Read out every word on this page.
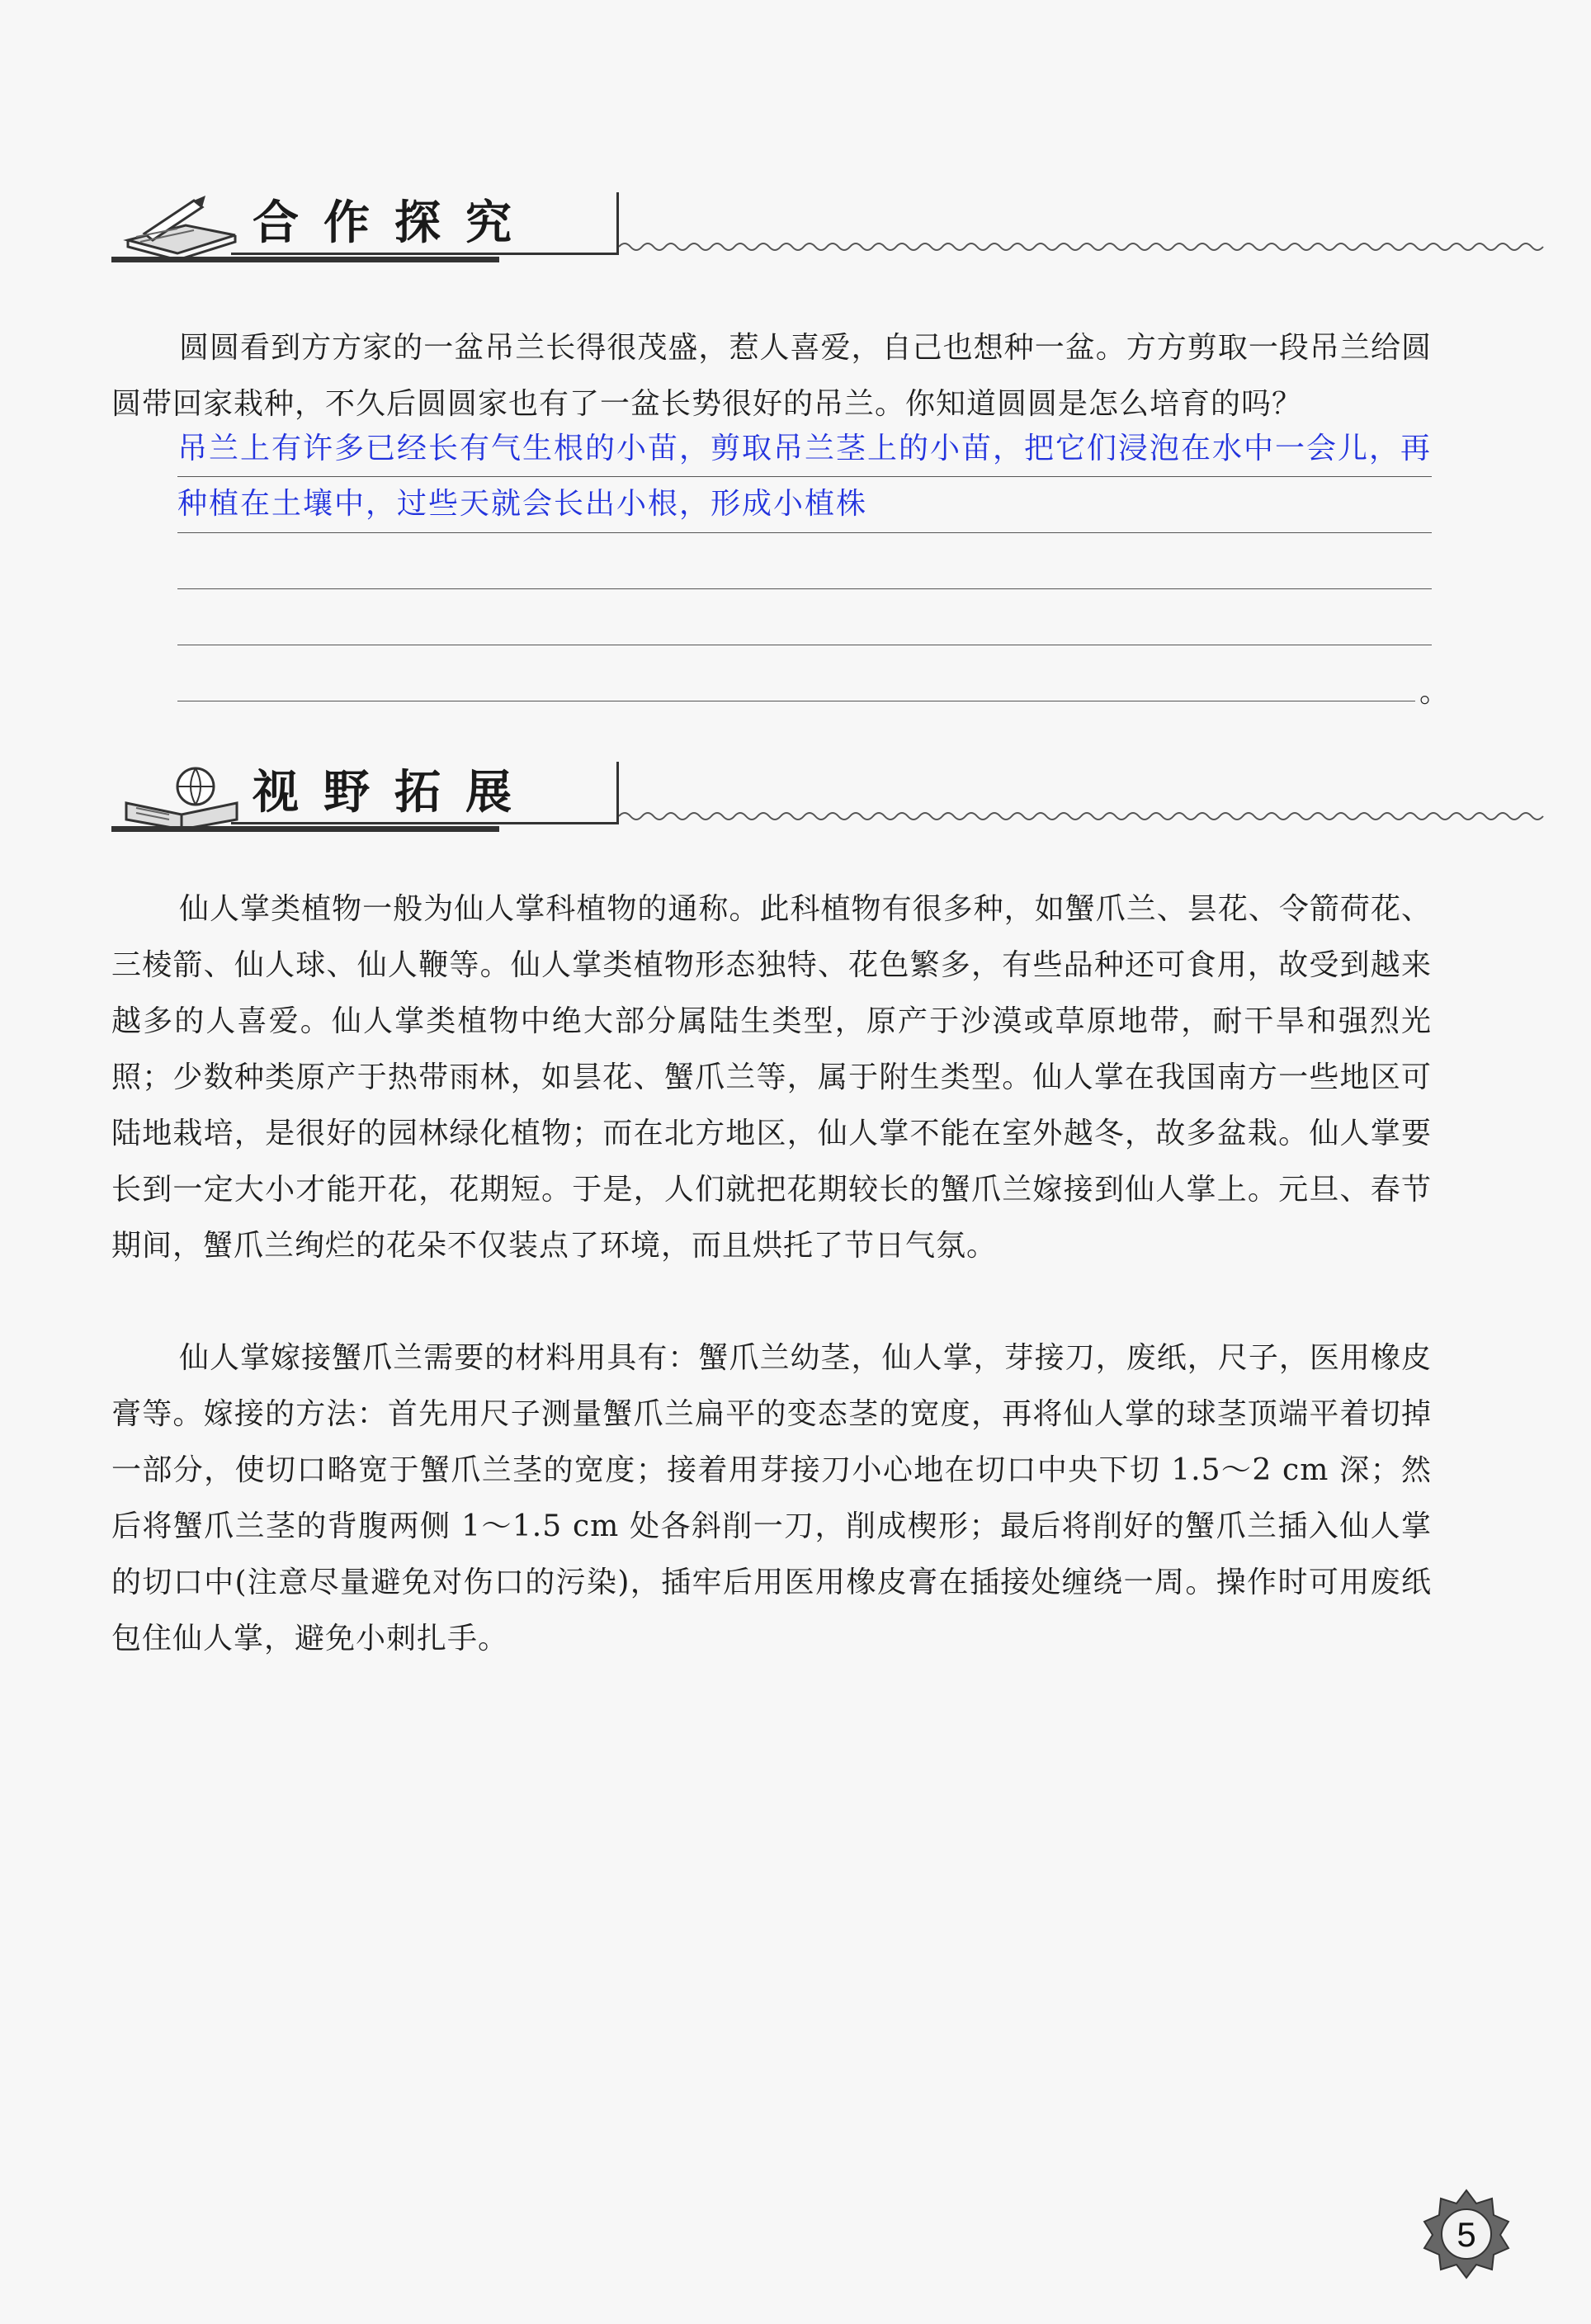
合作探究

圆圆看到方方家的一盆吊兰长得很茂盛，惹人喜爱，自己也想种一盆。方方剪取一段吊兰给圆圆带回家栽种，不久后圆圆家也有了一盆长势很好的吊兰。你知道圆圆是怎么培育的吗？

吊兰上有许多已经长有气生根的小苗，剪取吊兰茎上的小苗，把它们浸泡在水中一会儿，再种植在土壤中，过些天就会长出小根，形成小植株
。
视野拓展

仙人掌类植物一般为仙人掌科植物的通称。此科植物有很多种，如蟹爪兰、昙花、令箭荷花、三棱箭、仙人球、仙人鞭等。仙人掌类植物形态独特、花色繁多，有些品种还可食用，故受到越来越多的人喜爱。仙人掌类植物中绝大部分属陆生类型，原产于沙漠或草原地带，耐干旱和强烈光照；少数种类原产于热带雨林，如昙花、蟹爪兰等，属于附生类型。仙人掌在我国南方一些地区可陆地栽培，是很好的园林绿化植物；而在北方地区，仙人掌不能在室外越冬，故多盆栽。仙人掌要长到一定大小才能开花，花期短。于是，人们就把花期较长的蟹爪兰嫁接到仙人掌上。元旦、春节期间，蟹爪兰绚烂的花朵不仅装点了环境，而且烘托了节日气氛。

仙人掌嫁接蟹爪兰需要的材料用具有：蟹爪兰幼茎，仙人掌，芽接刀，废纸，尺子，医用橡皮膏等。嫁接的方法：首先用尺子测量蟹爪兰扁平的变态茎的宽度，再将仙人掌的球茎顶端平着切掉一部分，使切口略宽于蟹爪兰茎的宽度；接着用芽接刀小心地在切口中央下切 1.5～2 cm 深；然后将蟹爪兰茎的背腹两侧 1～1.5 cm 处各斜削一刀，削成楔形；最后将削好的蟹爪兰插入仙人掌的切口中(注意尽量避免对伤口的污染)，插牢后用医用橡皮膏在插接处缠绕一周。操作时可用废纸包住仙人掌，避免小刺扎手。

5
